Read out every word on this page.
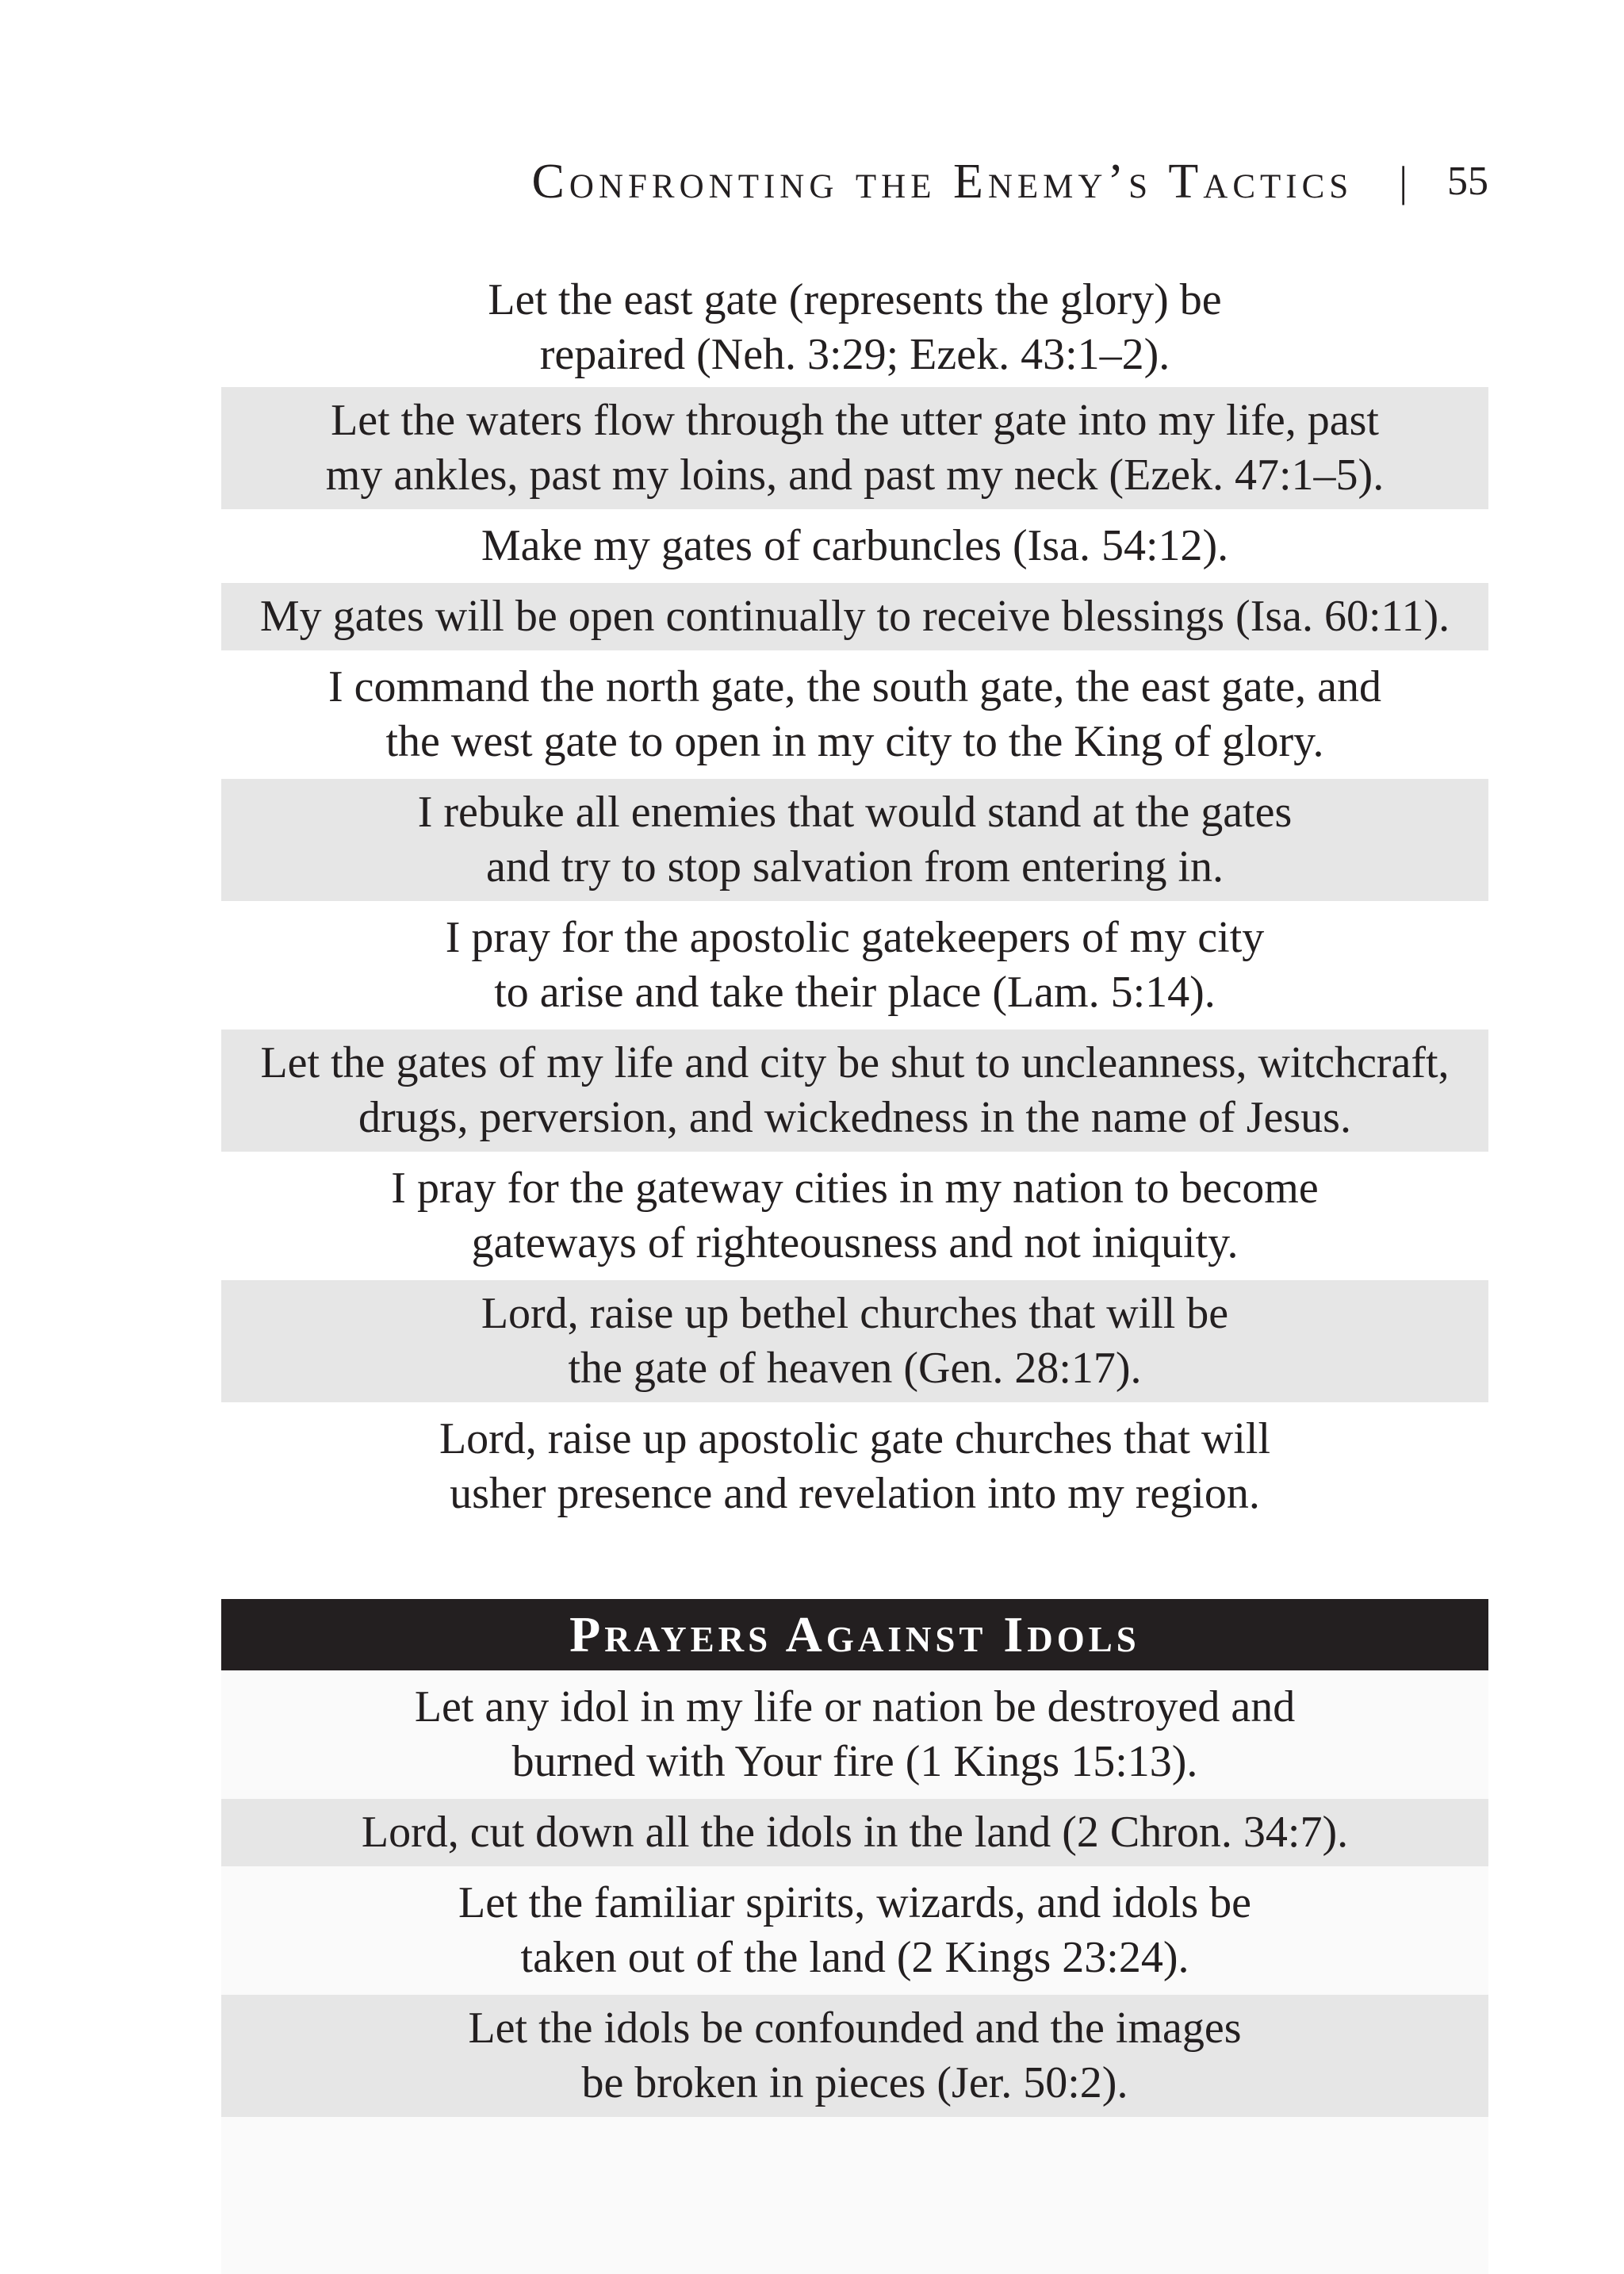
Confronting the Enemy’s Tactics | 55
Let the east gate (represents the glory) be
repaired (Neh. 3:29; Ezek. 43:1–2).
Let the waters flow through the utter gate into my life, past
my ankles, past my loins, and past my neck (Ezek. 47:1–5).
Make my gates of carbuncles (Isa. 54:12).
My gates will be open continually to receive blessings (Isa. 60:11).
I command the north gate, the south gate, the east gate, and
the west gate to open in my city to the King of glory.
I rebuke all enemies that would stand at the gates
and try to stop salvation from entering in.
I pray for the apostolic gatekeepers of my city
to arise and take their place (Lam. 5:14).
Let the gates of my life and city be shut to uncleanness, witchcraft,
drugs, perversion, and wickedness in the name of Jesus.
I pray for the gateway cities in my nation to become
gateways of righteousness and not iniquity.
Lord, raise up bethel churches that will be
the gate of heaven (Gen. 28:17).
Lord, raise up apostolic gate churches that will
usher presence and revelation into my region.
Prayers Against Idols
Let any idol in my life or nation be destroyed and
burned with Your fire (1 Kings 15:13).
Lord, cut down all the idols in the land (2 Chron. 34:7).
Let the familiar spirits, wizards, and idols be
taken out of the land (2 Kings 23:24).
Let the idols be confounded and the images
be broken in pieces (Jer. 50:2).
